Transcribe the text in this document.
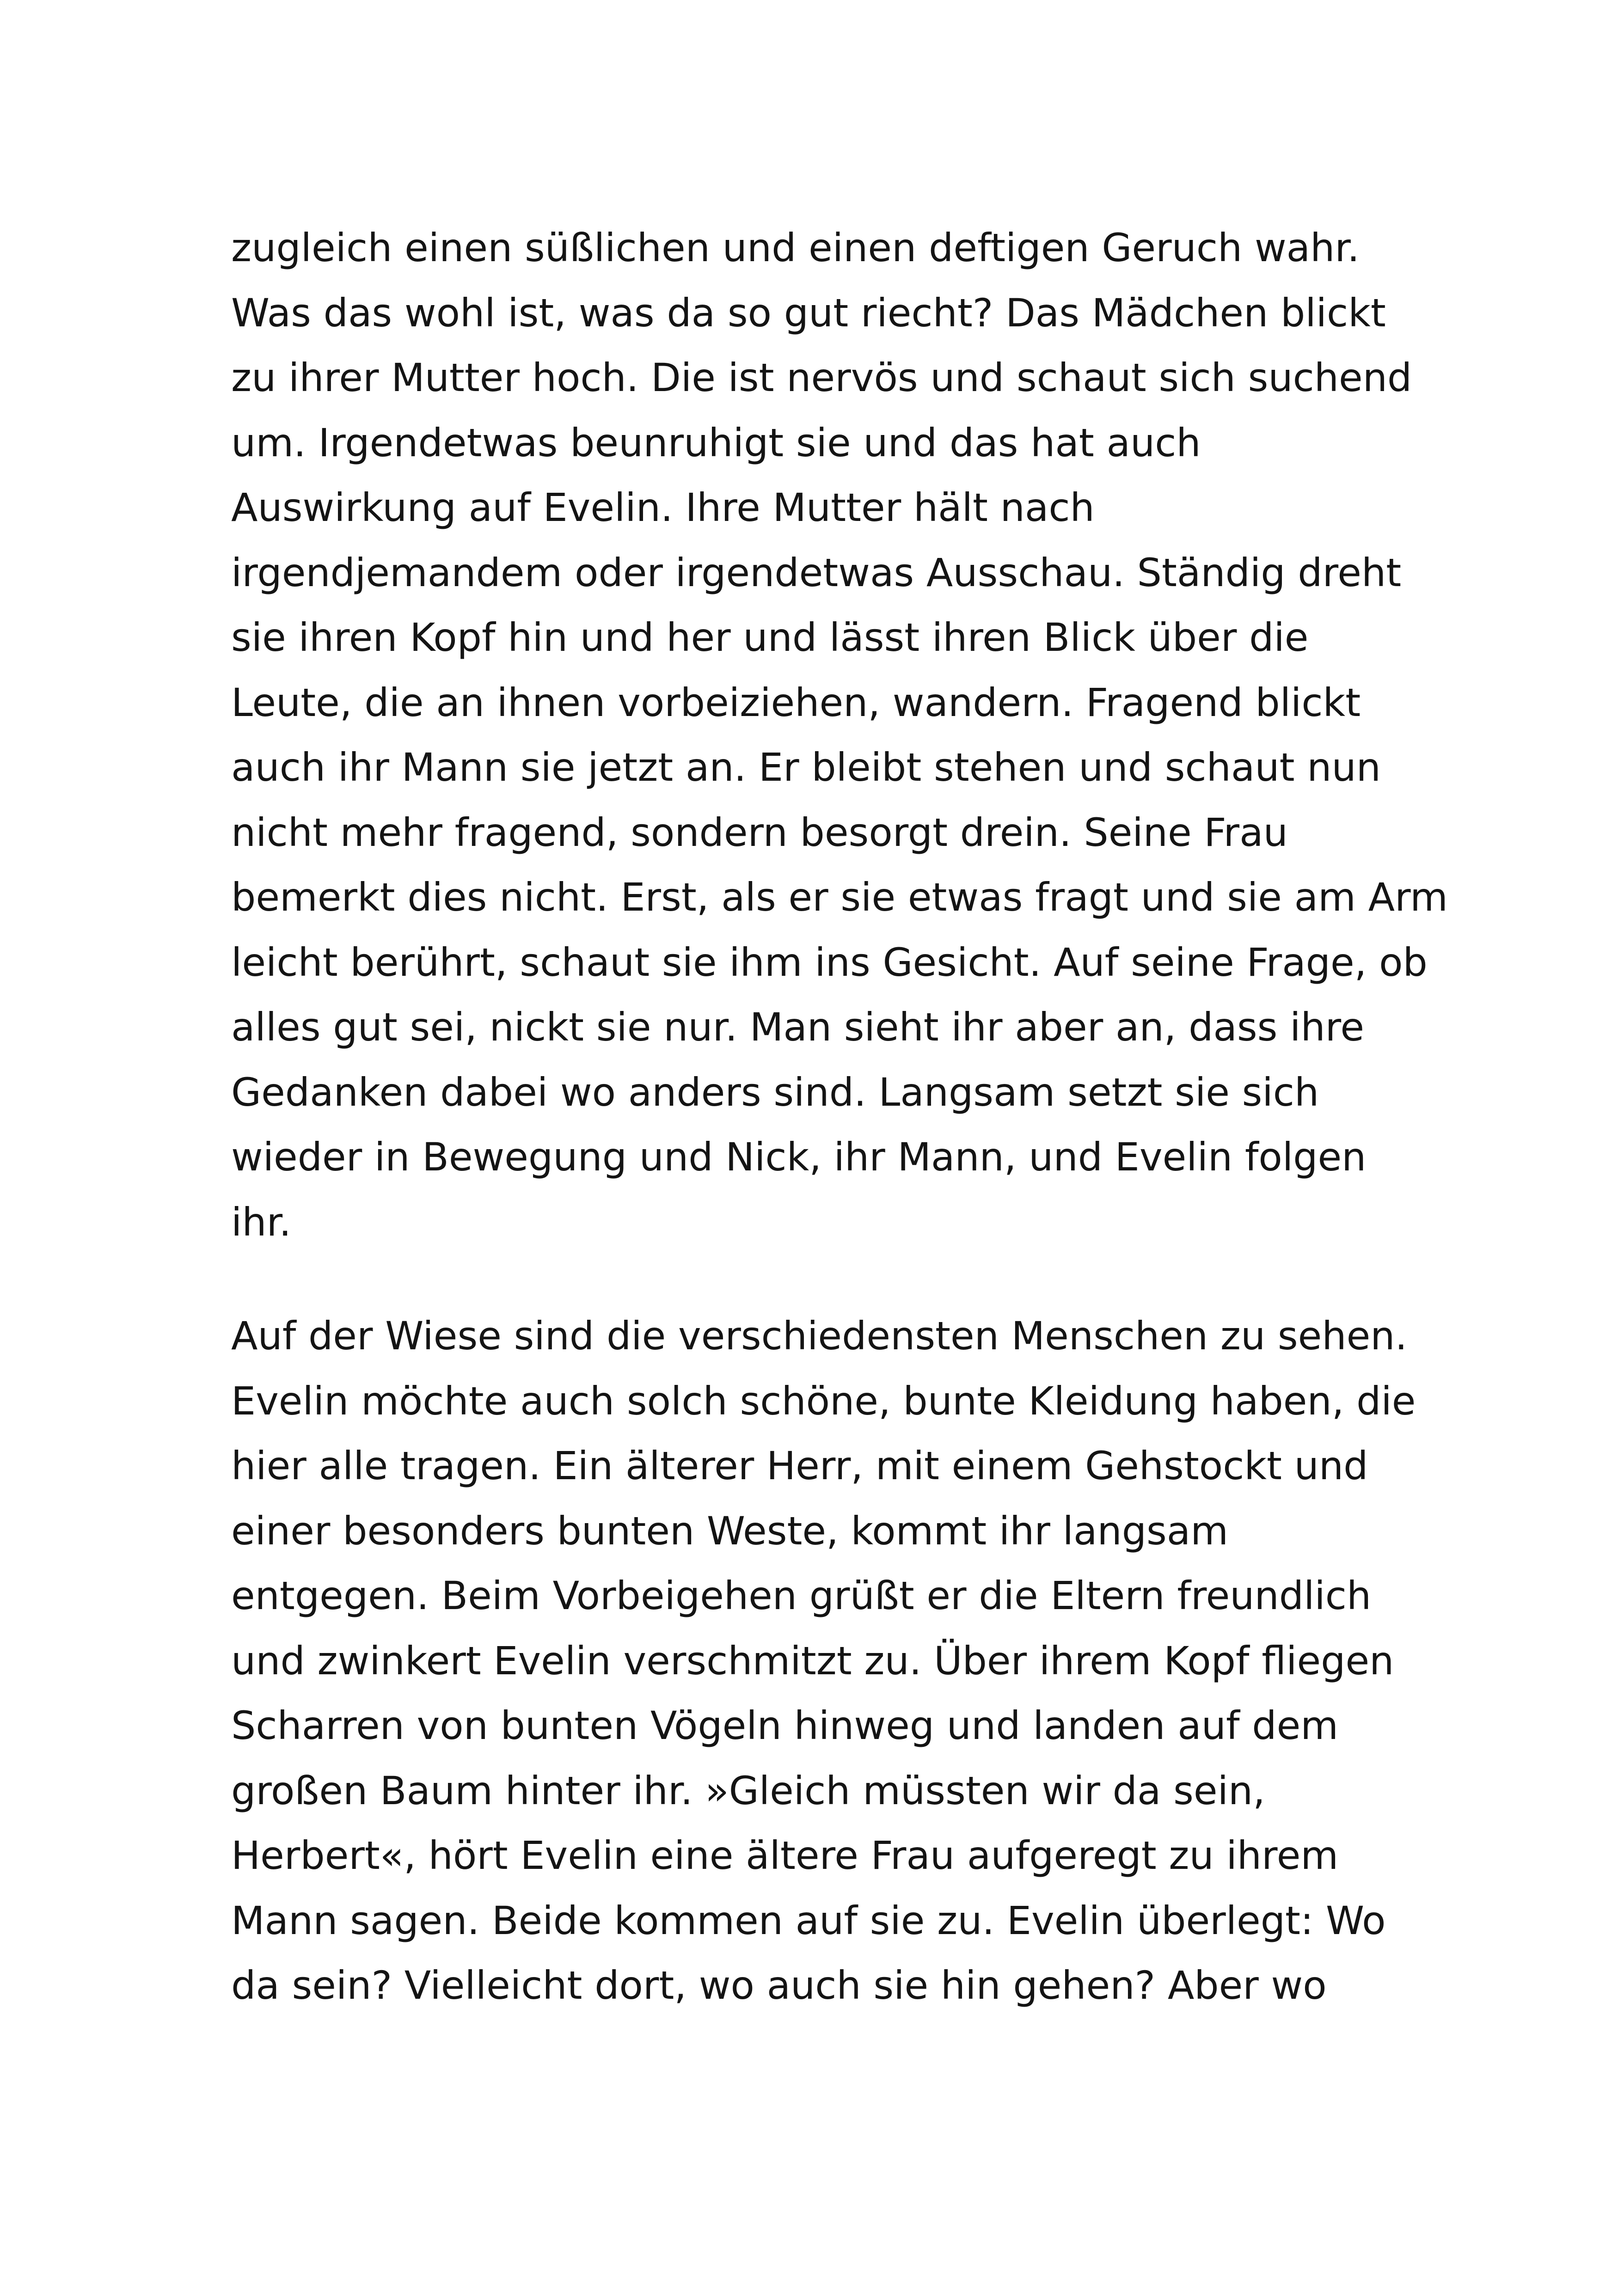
zugleich einen süßlichen und einen deftigen Geruch wahr.
Was das wohl ist, was da so gut riecht? Das Mädchen blickt
zu ihrer Mutter hoch. Die ist nervös und schaut sich suchend
um. Irgendetwas beunruhigt sie und das hat auch
Auswirkung auf Evelin. Ihre Mutter hält nach
irgendjemandem oder irgendetwas Ausschau. Ständig dreht
sie ihren Kopf hin und her und lässt ihren Blick über die
Leute, die an ihnen vorbeiziehen, wandern. Fragend blickt
auch ihr Mann sie jetzt an. Er bleibt stehen und schaut nun
nicht mehr fragend, sondern besorgt drein. Seine Frau
bemerkt dies nicht. Erst, als er sie etwas fragt und sie am Arm
leicht berührt, schaut sie ihm ins Gesicht. Auf seine Frage, ob
alles gut sei, nickt sie nur. Man sieht ihr aber an, dass ihre
Gedanken dabei wo anders sind. Langsam setzt sie sich
wieder in Bewegung und Nick, ihr Mann, und Evelin folgen
ihr.
Auf der Wiese sind die verschiedensten Menschen zu sehen.
Evelin möchte auch solch schöne, bunte Kleidung haben, die
hier alle tragen. Ein älterer Herr, mit einem Gehstockt und
einer besonders bunten Weste, kommt ihr langsam
entgegen. Beim Vorbeigehen grüßt er die Eltern freundlich
und zwinkert Evelin verschmitzt zu. Über ihrem Kopf fliegen
Scharren von bunten Vögeln hinweg und landen auf dem
großen Baum hinter ihr. »Gleich müssten wir da sein,
Herbert«, hört Evelin eine ältere Frau aufgeregt zu ihrem
Mann sagen. Beide kommen auf sie zu. Evelin überlegt: Wo
da sein? Vielleicht dort, wo auch sie hin gehen? Aber wo
